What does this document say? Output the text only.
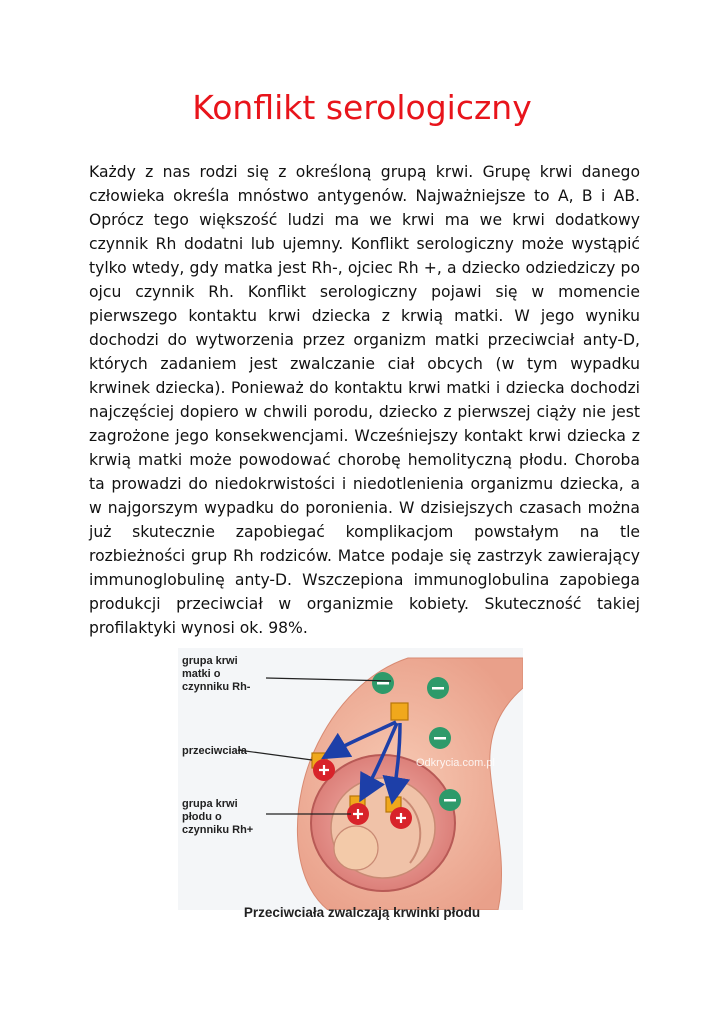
Konflikt serologiczny

Każdy z nas rodzi się z określoną grupą krwi. Grupę krwi danego człowieka określa mnóstwo antygenów. Najważniejsze to A, B i AB. Oprócz tego większość ludzi ma we krwi ma we krwi dodatkowy czynnik Rh dodatni lub ujemny. Konflikt serologiczny może wystąpić tylko wtedy, gdy matka jest Rh-, ojciec Rh +, a dziecko odziedziczy po ojcu czynnik Rh. Konflikt serologiczny pojawi się w momencie pierwszego kontaktu krwi dziecka z krwią matki. W jego wyniku dochodzi do wytworzenia przez organizm matki przeciwciał anty-D, których zadaniem jest zwalczanie ciał obcych (w tym wypadku krwinek dziecka). Ponieważ do kontaktu krwi matki i dziecka dochodzi najczęściej dopiero w chwili porodu, dziecko z pierwszej ciąży nie jest zagrożone jego konsekwencjami. Wcześniejszy kontakt krwi dziecka z krwią matki może powodować chorobę hemolityczną płodu. Choroba ta prowadzi do niedokrwistości i niedotlenienia organizmu dziecka, a w najgorszym wypadku do poronienia. W dzisiejszych czasach można już skutecznie zapobiegać komplikacjom powstałym na tle rozbieżności grup Rh rodziców. Matce podaje się zastrzyk zawierający immunoglobulinę anty-D. Wszczepiona immunoglobulina zapobiega produkcji przeciwciał w organizmie kobiety. Skuteczność takiej profilaktyki wynosi ok. 98%.

Odkrycia.com.pl
grupa krwi matki o czynniku Rh-
przeciwciała
grupa krwi płodu o czynniku Rh+
Przeciwciała zwalczają krwinki płodu
